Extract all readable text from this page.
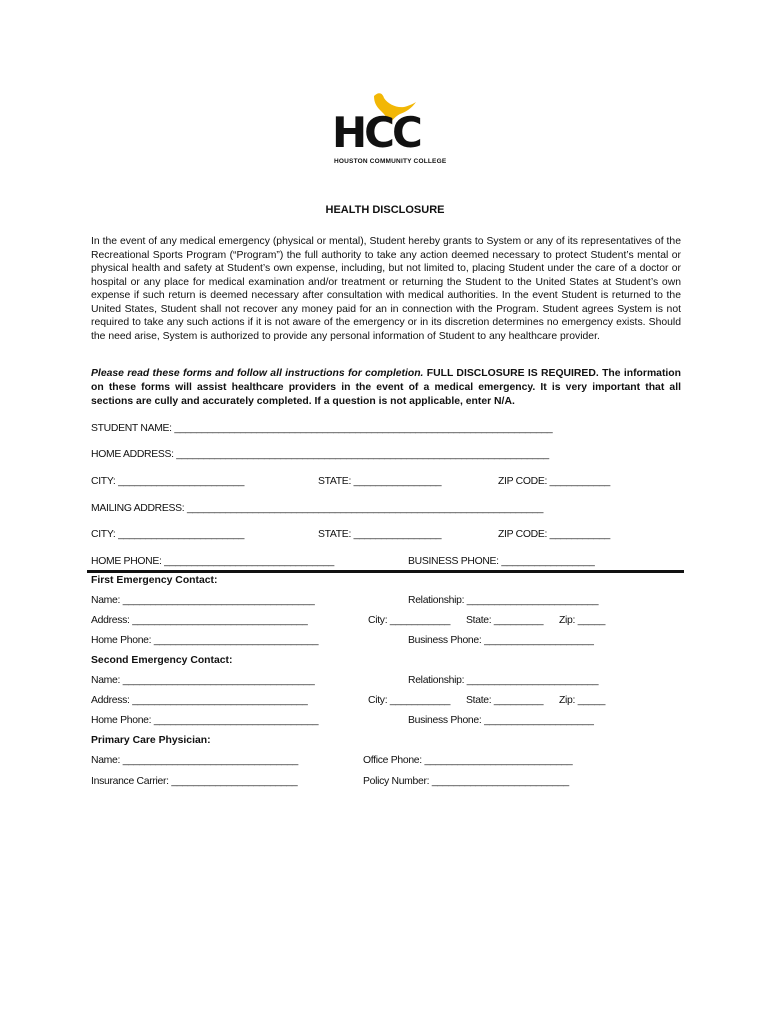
HCC
HOUSTON COMMUNITY COLLEGE
HEALTH DISCLOSURE
In the event of any medical emergency (physical or mental), Student hereby grants to System or any of its representatives of the Recreational Sports Program (“Program”) the full authority to take any action deemed necessary to protect Student’s mental or physical health and safety at Student’s own expense, including, but not limited to, placing Student under the care of a doctor or hospital or any place for medical examination and/or treatment or returning the Student to the United States at Student’s own expense if such return is deemed necessary after consultation with medical authorities. In the event Student is returned to the United States, Student shall not recover any money paid for an in connection with the Program. Student agrees System is not required to take any such actions if it is not aware of the emergency or in its discretion determines no emergency exists. Should the need arise, System is authorized to provide any personal information of Student to any healthcare provider.
Please read these forms and follow all instructions for completion. FULL DISCLOSURE IS REQUIRED. The information on these forms will assist healthcare providers in the event of a medical emergency. It is very important that all sections are cully and accurately completed. If a question is not applicable, enter N/A.
STUDENT NAME: _____________________________________________________________________
HOME ADDRESS: ____________________________________________________________________
CITY: _______________________	STATE: ________________	ZIP CODE: ___________
MAILING ADDRESS: _________________________________________________________________
CITY: _______________________	STATE: ________________	ZIP CODE: ___________
HOME PHONE: _______________________________	BUSINESS PHONE: _________________
First Emergency Contact:
Name: ___________________________________	Relationship: ________________________
Address: ________________________________	City: ___________ State: _________ Zip: _____
Home Phone: ______________________________	Business Phone: ____________________
Second Emergency Contact:
Name: ___________________________________	Relationship: ________________________
Address: ________________________________	City: ___________ State: _________ Zip: _____
Home Phone: ______________________________	Business Phone: ____________________
Primary Care Physician:
Name: ________________________________	Office Phone: ___________________________
Insurance Carrier: _______________________	Policy Number: _________________________
